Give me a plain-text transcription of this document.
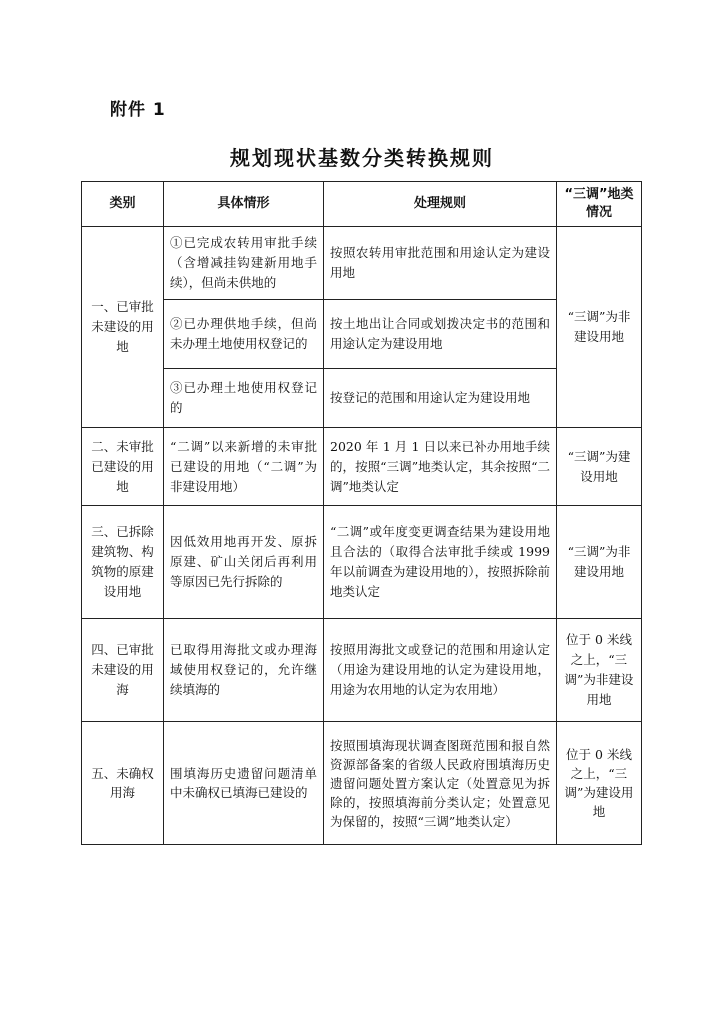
附件 1
规划现状基数分类转换规则
类别	具体情形	处理规则	“三调”地类情况
一、已审批未建设的用地	①已完成农转用审批手续（含增减挂钩建新用地手续），但尚未供地的	按照农转用审批范围和用途认定为建设用地	“三调”为非建设用地
	②已办理供地手续，但尚未办理土地使用权登记的	按土地出让合同或划拨决定书的范围和用途认定为建设用地	
	③已办理土地使用权登记的	按登记的范围和用途认定为建设用地	
二、未审批已建设的用地	“二调”以来新增的未审批已建设的用地（“二调”为非建设用地）	2020 年 1 月 1 日以来已补办用地手续的，按照“三调”地类认定，其余按照“二调”地类认定	“三调”为建设用地
三、已拆除建筑物、构筑物的原建设用地	因低效用地再开发、原拆原建、矿山关闭后再利用等原因已先行拆除的	“二调”或年度变更调查结果为建设用地且合法的（取得合法审批手续或 1999 年以前调查为建设用地的），按照拆除前地类认定	“三调”为非建设用地
四、已审批未建设的用海	已取得用海批文或办理海域使用权登记的，允许继续填海的	按照用海批文或登记的范围和用途认定（用途为建设用地的认定为建设用地，用途为农用地的认定为农用地）	位于 0 米线之上，“三调”为非建设用地
五、未确权用海	围填海历史遗留问题清单中未确权已填海已建设的	按照围填海现状调查图斑范围和报自然资源部备案的省级人民政府围填海历史遗留问题处置方案认定（处置意见为拆除的，按照填海前分类认定；处置意见为保留的，按照“三调”地类认定）	位于 0 米线之上，“三调”为建设用地
